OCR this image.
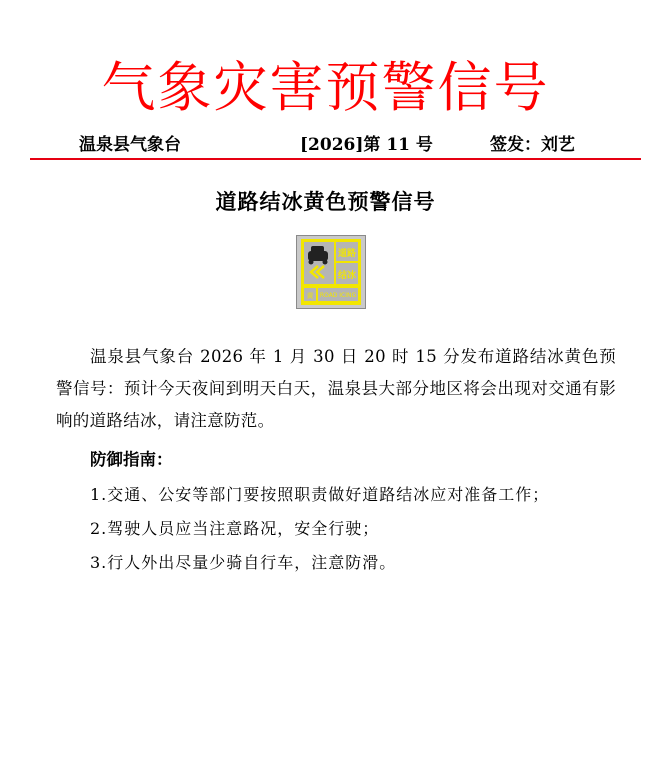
气象灾害预警信号
温泉县气象台	[2026]第 11 号	签发：刘艺
道路结冰黄色预警信号
道路
结冰
黄 ROAD ICING
温泉县气象台 2026 年 1 月 30 日 20 时 15 分发布道路结冰黄色预警信号：预计今天夜间到明天白天，温泉县大部分地区将会出现对交通有影响的道路结冰，请注意防范。
防御指南：
1.交通、公安等部门要按照职责做好道路结冰应对准备工作；
2.驾驶人员应当注意路况，安全行驶；
3.行人外出尽量少骑自行车，注意防滑。
